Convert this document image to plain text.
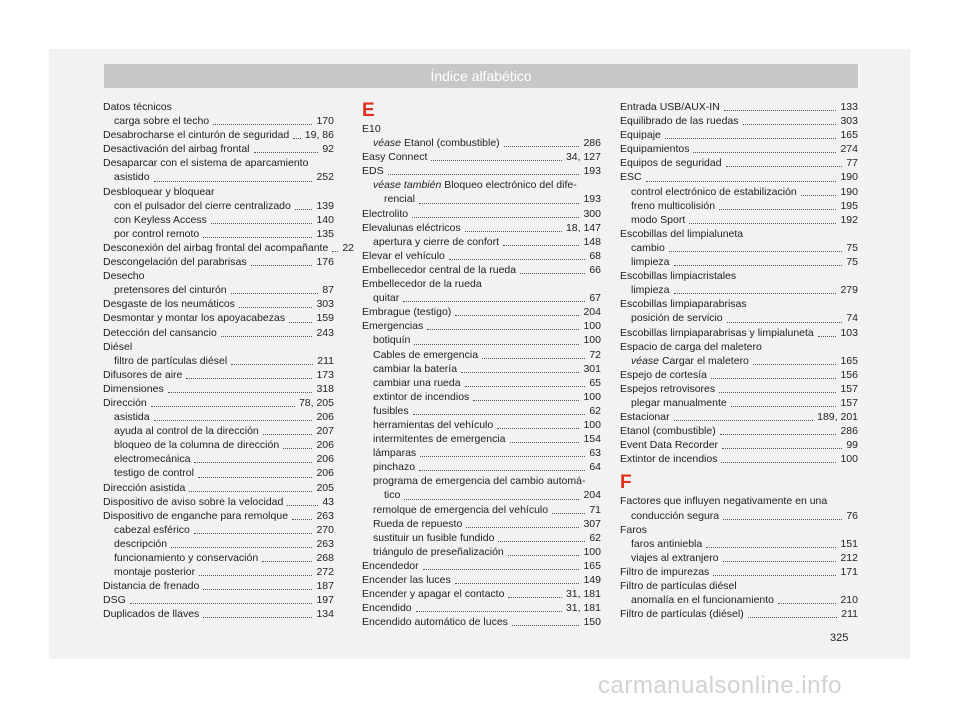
Índice alfabético
Datos técnicos
carga sobre el techo	170
Desabrocharse el cinturón de seguridad 19, 86
Desactivación del airbag frontal	92
Desaparcar con el sistema de aparcamiento
asistido	252
Desbloquear y bloquear
con el pulsador del cierre centralizado 139
con Keyless Access	140
por control remoto	135
Desconexión del airbag frontal del acompañante 22
Descongelación del parabrisas	176
Desecho
pretensores del cinturón	87
Desgaste de los neumáticos	303
Desmontar y montar los apoyacabezas	159
Detección del cansancio	243
Diésel
filtro de partículas diésel	211
Difusores de aire	173
Dimensiones	318
Dirección	78, 205
asistida	206
ayuda al control de la dirección	207
bloqueo de la columna de dirección	206
electromecánica	206
testigo de control	206
Dirección asistida	205
Dispositivo de aviso sobre la velocidad	43
Dispositivo de enganche para remolque	263
cabezal esférico	270
descripción	263
funcionamiento y conservación	268
montaje posterior	272
Distancia de frenado	187
DSG	197
Duplicados de llaves	134
E
E10
véase Etanol (combustible)	286
Easy Connect	34, 127
EDS	193
véase también Bloqueo electrónico del dife-
rencial	193
Electrolito	300
Elevalunas eléctricos	18, 147
apertura y cierre de confort	148
Elevar el vehículo	68
Embellecedor central de la rueda	66
Embellecedor de la rueda
quitar	67
Embrague (testigo)	204
Emergencias	100
botiquín	100
Cables de emergencia	72
cambiar la batería	301
cambiar una rueda	65
extintor de incendios	100
fusibles	62
herramientas del vehículo	100
intermitentes de emergencia	154
lámparas	63
pinchazo	64
programa de emergencia del cambio automá-
tico	204
remolque de emergencia del vehículo	71
Rueda de repuesto	307
sustituir un fusible fundido	62
triángulo de preseñalización	100
Encendedor	165
Encender las luces	149
Encender y apagar el contacto	31, 181
Encendido	31, 181
Encendido automático de luces	150
Entrada USB/AUX-IN	133
Equilibrado de las ruedas	303
Equipaje	165
Equipamientos	274
Equipos de seguridad	77
ESC	190
control electrónico de estabilización	190
freno multicolisión	195
modo Sport	192
Escobillas del limpialuneta
cambio	75
limpieza	75
Escobillas limpiacristales
limpieza	279
Escobillas limpiaparabrisas
posición de servicio	74
Escobillas limpiaparabrisas y limpialuneta	103
Espacio de carga del maletero
véase Cargar el maletero	165
Espejo de cortesía	156
Espejos retrovisores	157
plegar manualmente	157
Estacionar	189, 201
Etanol (combustible)	286
Event Data Recorder	99
Extintor de incendios	100
F
Factores que influyen negativamente en una
conducción segura	76
Faros
faros antiniebla	151
viajes al extranjero	212
Filtro de impurezas	171
Filtro de partículas diésel
anomalía en el funcionamiento	210
Filtro de partículas (diésel)	211
325
carmanualsonline.info
